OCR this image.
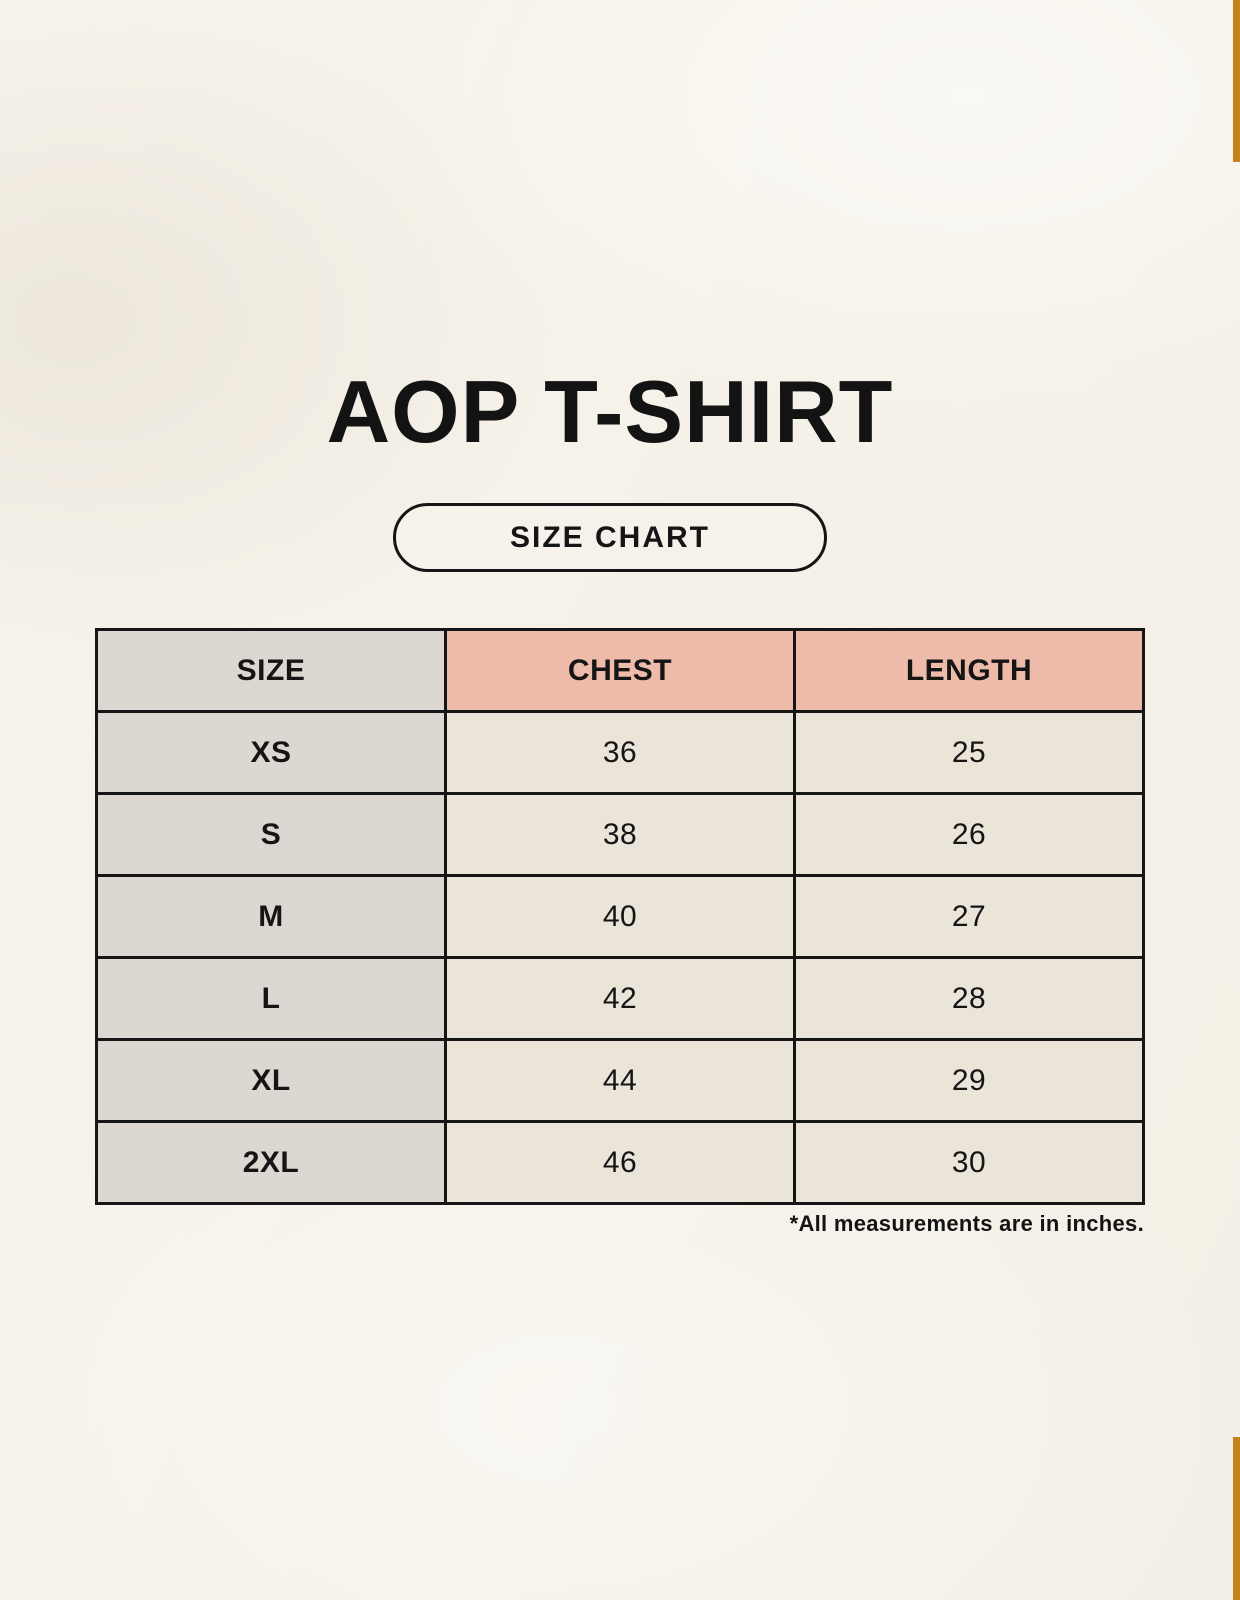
AOP T-SHIRT
SIZE CHART
SIZE	CHEST	LENGTH
XS	36	25
S	38	26
M	40	27
L	42	28
XL	44	29
2XL	46	30
*All measurements are in inches.
